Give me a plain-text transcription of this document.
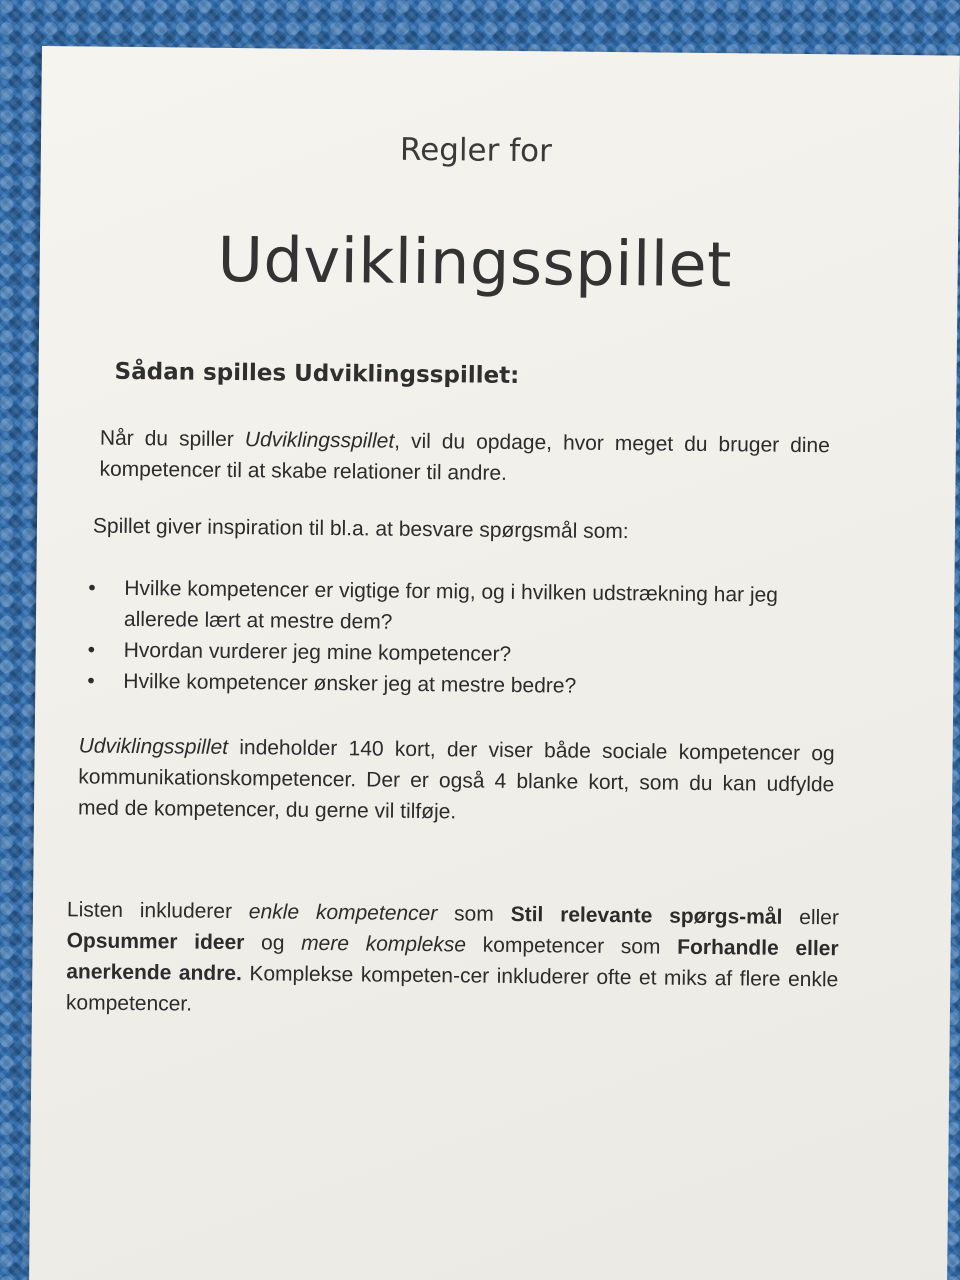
Regler for
Udviklingsspillet
Sådan spilles Udviklingsspillet:
Når du spiller Udviklingsspillet, vil du opdage, hvor meget du bruger dine kompetencer til at skabe relationer til andre.
Spillet giver inspiration til bl.a. at besvare spørgsmål som:
• Hvilke kompetencer er vigtige for mig, og i hvilken udstrækning har jeg allerede lært at mestre dem?
• Hvordan vurderer jeg mine kompetencer?
• Hvilke kompetencer ønsker jeg at mestre bedre?
Udviklingsspillet indeholder 140 kort, der viser både sociale kompetencer og kommunikationskompetencer. Der er også 4 blanke kort, som du kan udfylde med de kompetencer, du gerne vil tilføje.
Listen inkluderer enkle kompetencer som Stil relevante spørgs-mål eller Opsummer ideer og mere komplekse kompetencer som Forhandle eller anerkende andre. Komplekse kompeten-cer inkluderer ofte et miks af flere enkle kompetencer.
